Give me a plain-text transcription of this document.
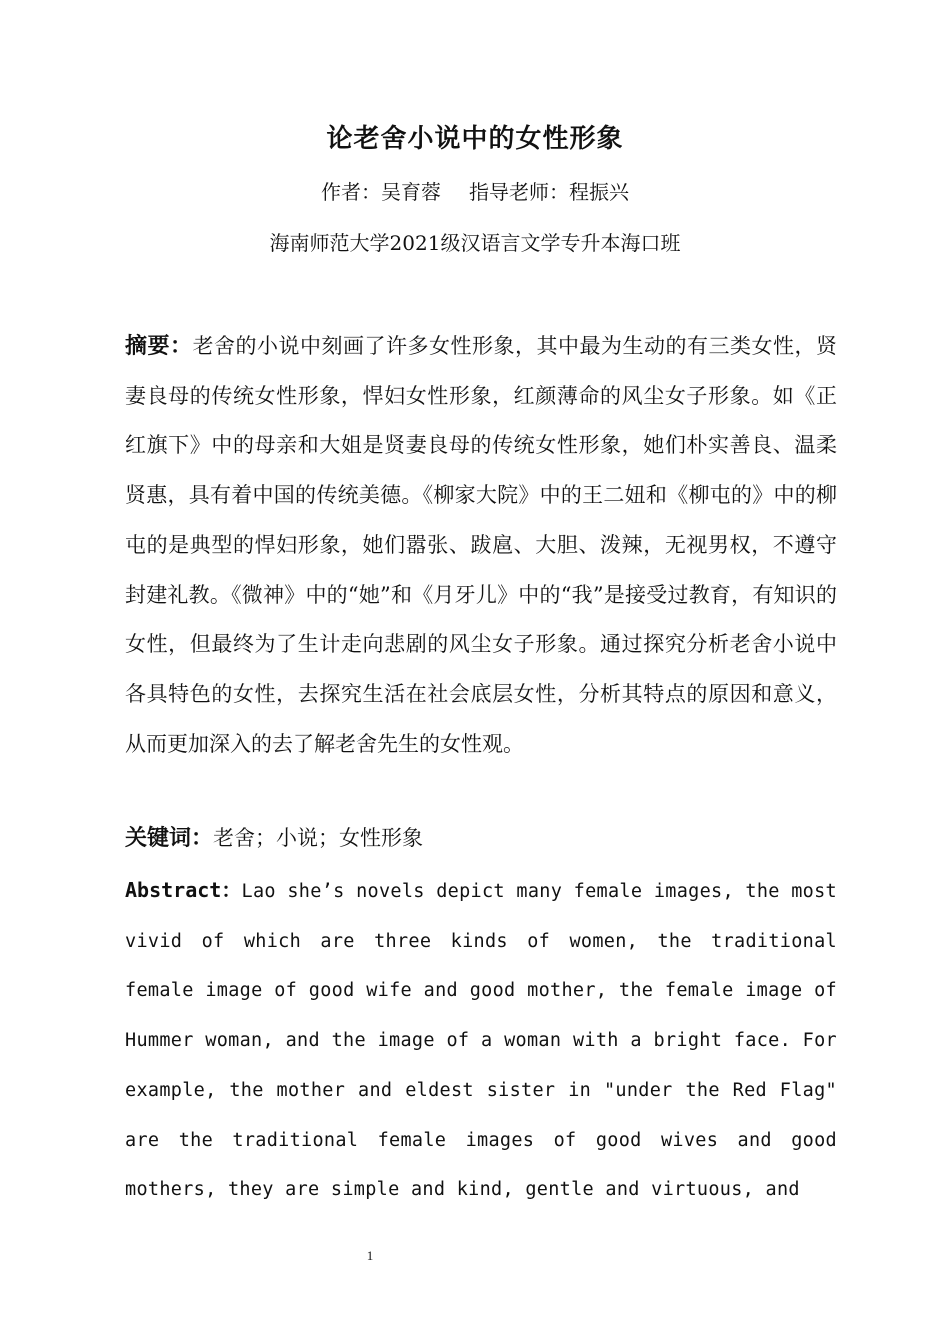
论老舍小说中的女性形象
作者：吴育蓉 指导老师：程振兴
海南师范大学2021级汉语言文学专升本海口班
摘要：老舍的小说中刻画了许多女性形象，其中最为生动的有三类女性，贤妻良母的传统女性形象，悍妇女性形象，红颜薄命的风尘女子形象。如《正红旗下》中的母亲和大姐是贤妻良母的传统女性形象，她们朴实善良、温柔贤惠，具有着中国的传统美德。《柳家大院》中的王二妞和《柳屯的》中的柳屯的是典型的悍妇形象，她们嚣张、跋扈、大胆、泼辣，无视男权，不遵守封建礼教。《微神》中的“她”和《月牙儿》中的“我”是接受过教育，有知识的女性，但最终为了生计走向悲剧的风尘女子形象。通过探究分析老舍小说中各具特色的女性，去探究生活在社会底层女性，分析其特点的原因和意义，从而更加深入的去了解老舍先生的女性观。
关键词：老舍；小说；女性形象
Abstract：Lao she’s novels depict many female images, the most vivid of which are three kinds of women, the traditional female image of good wife and good mother, the female image of Hummer woman, and the image of a woman with a bright face. For example, the mother and eldest sister in "under the Red Flag" are the traditional female images of good wives and good mothers, they are simple and kind, gentle and virtuous, and
1
